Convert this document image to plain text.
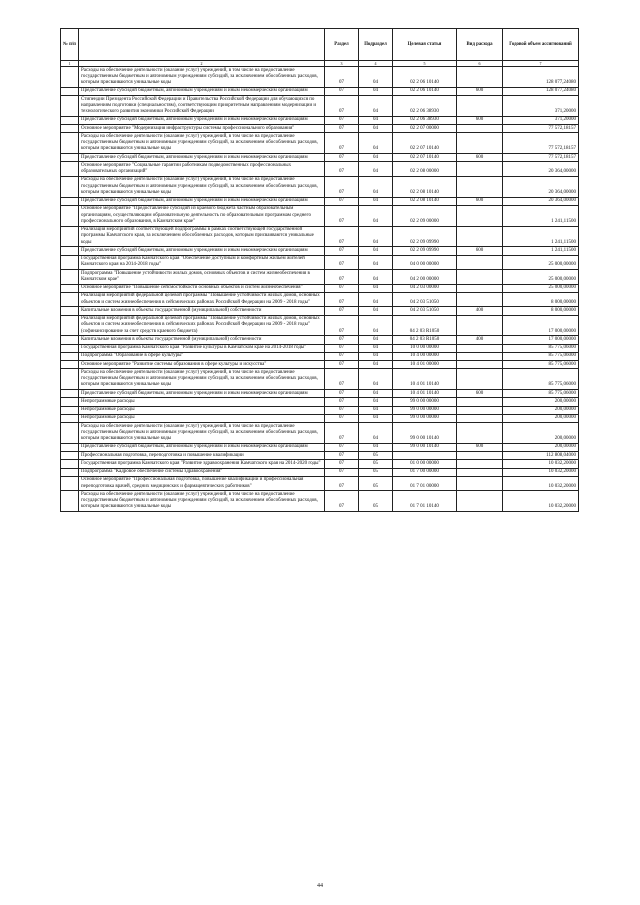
№ п/п		Раздел	Подраздел	Целевая статья	Вид расхода	Годовой объем ассигнований
1	2	3	4	5	6	7
	Расходы на обеспечение деятельности (оказание услуг) учреждений, в том числе на предоставление государственным бюджетным и автономным учреждениям субсидий, за исключением обособленных расходов, которым присваиваются уникальные коды	07	04	02 2 06 10140		128 077,24080
	Предоставление субсидий бюджетным, автономным учреждениям и иным некоммерческим организациям	07	04	02 2 06 10140	600	128 077,24080
	Стипендии Президента Российской Федерации и Правительства Российской Федерации для обучающихся по направлениям подготовки (специальностям), соответствующим приоритетным направлениям модернизации и технологического развития экономики Российской Федерации	07	04	02 2 06 38930		371,20000
	Предоставление субсидий бюджетным, автономным учреждениям и иным некоммерческим организациям	07	04	02 2 06 38930	600	371,20000
	Основное мероприятие "Модернизация инфраструктуры системы профессионального образования"	07	04	02 2 07 00000		77 572,18157
	Расходы на обеспечение деятельности (оказание услуг) учреждений, в том числе на предоставление государственным бюджетным и автономным учреждениям субсидий, за исключением обособленных расходов, которым присваиваются уникальные коды	07	04	02 2 07 10140		77 572,18157
	Предоставление субсидий бюджетным, автономным учреждениям и иным некоммерческим организациям	07	04	02 2 07 10140	600	77 572,18157
	Основное мероприятие "Социальные гарантии работникам подведомственных профессиональных образовательных организаций"	07	04	02 2 08 00000		20 364,00000
	Расходы на обеспечение деятельности (оказание услуг) учреждений, в том числе на предоставление государственным бюджетным и автономным учреждениям субсидий, за исключением обособленных расходов, которым присваиваются уникальные коды	07	04	02 2 08 10140		20 364,00000
	Предоставление субсидий бюджетным, автономным учреждениям и иным некоммерческим организациям	07	04	02 2 08 10140	600	20 364,00000
	Основное мероприятие "Предоставление субсидий из краевого бюджета частным образовательным организациям, осуществляющим образовательную деятельность по образовательным программам среднего профессионального образования, в Камчатском крае"	07	04	02 2 09 00000		1 241,11500
	Реализация мероприятий соответствующей подпрограммы в рамках соответствующей государственной программы Камчатского края, за исключением обособленных расходов, которым присваиваются уникальные коды	07	04	02 2 09 09990		1 241,11500
	Предоставление субсидий бюджетным, автономным учреждениям и иным некоммерческим организациям	07	04	02 2 09 09990	600	1 241,11500
	Государственная программа Камчатского края "Обеспечение доступным и комфортным жильем жителей Камчатского края на 2014-2018 годы"	07	04	04 0 00 00000		25 000,00000
	Подпрограмма "Повышение устойчивости жилых домов, основных объектов и систем жизнеобеспечения в Камчатском крае"	07	04	04 2 00 00000		25 000,00000
	Основное мероприятие "Повышение сейсмостойкости основных объектов и систем жизнеобеспечения"	07	04	04 2 03 00000		25 000,00000
	Реализация мероприятий федеральной целевой программы "Повышение устойчивости жилых домов, основных объектов и систем жизнеобеспечения в сейсмических районах Российской Федерации на 2009 - 2018 годы"	07	04	04 2 03 51050		8 000,00000
	Капитальные вложения в объекты государственной (муниципальной) собственности	07	04	04 2 03 51050	400	8 000,00000
	Реализация мероприятий федеральной целевой программы "Повышение устойчивости жилых домов, основных объектов и систем жизнеобеспечения в сейсмических районах Российской Федерации на 2009 - 2018 годы" (софинансирование за счет средств краевого бюджета)	07	04	04 2 03 R1050		17 000,00000
	Капитальные вложения в объекты государственной (муниципальной) собственности	07	04	04 2 03 R1050	400	17 000,00000
	Государственная программа Камчатского края "Развитие культуры в Камчатском крае на 2014-2018 годы"	07	04	10 0 00 00000		85 775,06000
	Подпрограмма "Образование в сфере культуры"	07	04	10 4 00 00000		85 775,06000
	Основное мероприятие "Развитие системы образования в сфере культуры и искусства"	07	04	10 4 01 00000		85 775,06000
	Расходы на обеспечение деятельности (оказание услуг) учреждений, в том числе на предоставление государственным бюджетным и автономным учреждениям субсидий, за исключением обособленных расходов, которым присваиваются уникальные коды	07	04	10 4 01 10140		85 775,06000
	Предоставление субсидий бюджетным, автономным учреждениям и иным некоммерческим организациям	07	04	10 4 01 10140	600	85 775,06000
	Непрограммные расходы	07	04	99 0 00 00000		200,00000
	Непрограммные расходы	07	04	99 0 00 00000		200,00000
	Непрограммные расходы	07	04	99 0 00 00000		200,00000
	Расходы на обеспечение деятельности (оказание услуг) учреждений, в том числе на предоставление государственным бюджетным и автономным учреждениям субсидий, за исключением обособленных расходов, которым присваиваются уникальные коды	07	04	99 0 00 10140		200,00000
	Предоставление субсидий бюджетным, автономным учреждениям и иным некоммерческим организациям	07	04	99 0 00 10140	600	200,00000
	Профессиональная подготовка, переподготовка и повышение квалификации	07	05			112 808,04000
	Государственная программа Камчатского края "Развитие здравоохранения Камчатского края на 2014-2020 годы"	07	05	01 0 00 00000		10 032,20000
	Подпрограмма "Кадровое обеспечение системы здравоохранения"	07	05	01 7 00 00000		10 032,20000
	Основное мероприятие "Профессиональная подготовка, повышение квалификации и профессиональная переподготовка врачей, средних медицинских и фармацевтических работников"	07	05	01 7 01 00000		10 032,20000
	Расходы на обеспечение деятельности (оказание услуг) учреждений, в том числе на предоставление государственным бюджетным и автономным учреждениям субсидий, за исключением обособленных расходов, которым присваиваются уникальные коды	07	05	01 7 01 10140		10 032,20000
44
